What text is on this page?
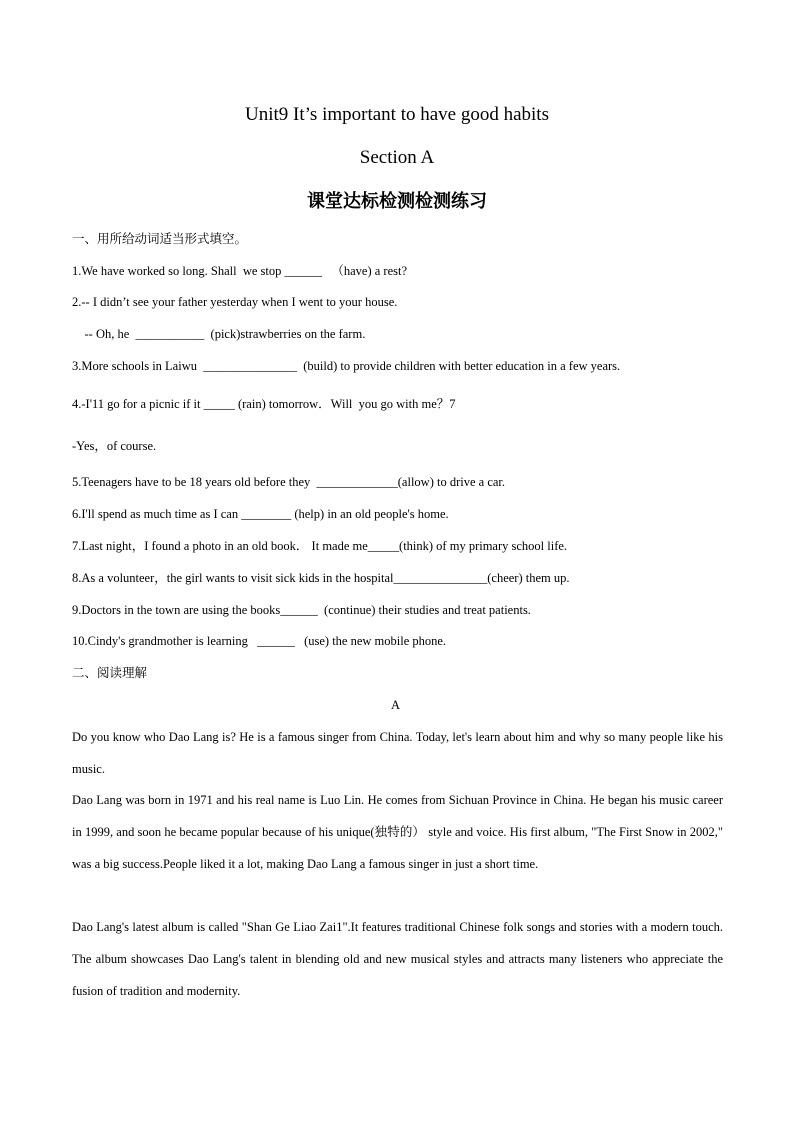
Unit9 It’s important to have good habits
Section A
课堂达标检测检测练习
一、用所给动词适当形式填空。
1.We have worked so long. Shall  we stop ______   （have) a rest?
2.-- I didn’t see your father yesterday when I went to your house.
-- Oh, he  ___________  (pick)strawberries on the farm.
3.More schools in Laiwu  _______________  (build) to provide children with better education in a few years.
4.-I'11 go for a picnic if it _____ (rain) tomorrow．Will  you go with me？7
-Yes，of course.
5.Teenagers have to be 18 years old before they  _____________(allow) to drive a car.
6.I'll spend as much time as I can ________ (help) in an old people's home.
7.Last night，I found a photo in an old book． It made me_____(think) of my primary school life.
8.As a volunteer，the girl wants to visit sick kids in the hospital_______________(cheer) them up.
9.Doctors in the town are using the books______  (continue) their studies and treat patients.
10.Cindy's grandmother is learning   ______   (use) the new mobile phone.
二、阅读理解
A
Do you know who Dao Lang is? He is a famous singer from China. Today, let's learn about him and why so many people like his music.
Dao Lang was born in 1971 and his real name is Luo Lin. He comes from Sichuan Province in China. He began his music career in 1999, and soon he became popular because of his unique(独特的） style and voice. His first album, "The First Snow in 2002," was a big success.People liked it a lot, making Dao Lang a famous singer in just a short time.
Dao Lang's latest album is called "Shan Ge Liao Zai1".It features traditional Chinese folk songs and stories with a modern touch. The album showcases Dao Lang's talent in blending old and new musical styles and attracts many listeners who appreciate the fusion of tradition and modernity.
